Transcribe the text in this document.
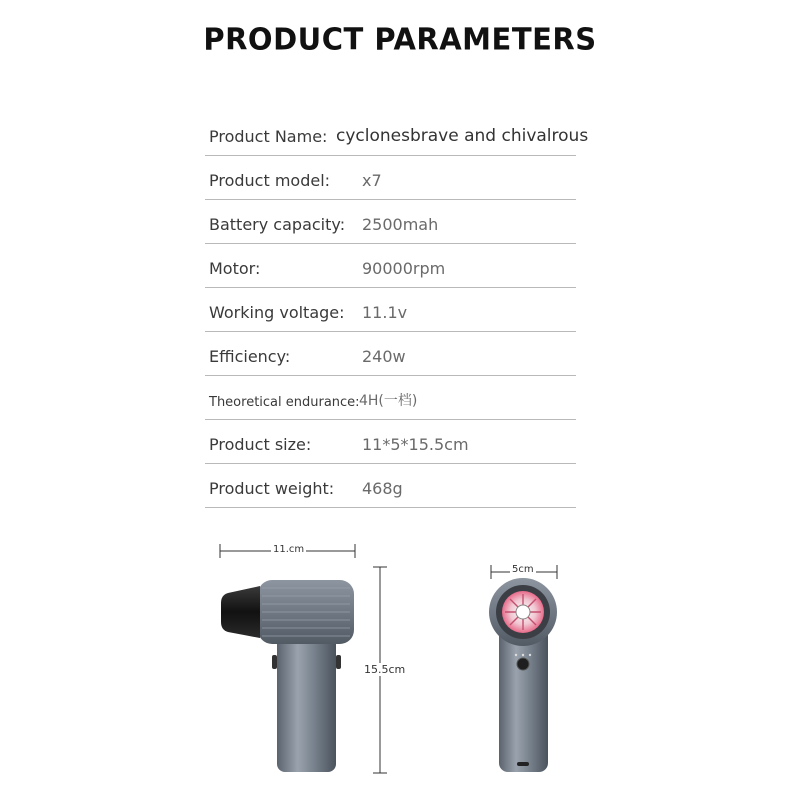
PRODUCT PARAMETERS
Product Name: cyclonesbrave and chivalrous
Product model: x7
Battery capacity: 2500mah
Motor:	90000rpm
Working voltage: 11.1v
Efficiency:	240w
Theoretical endurance: 4H(一档)
Product size:	11*5*15.5cm
Product weight: 468g
11.cm
15.5cm
5cm
